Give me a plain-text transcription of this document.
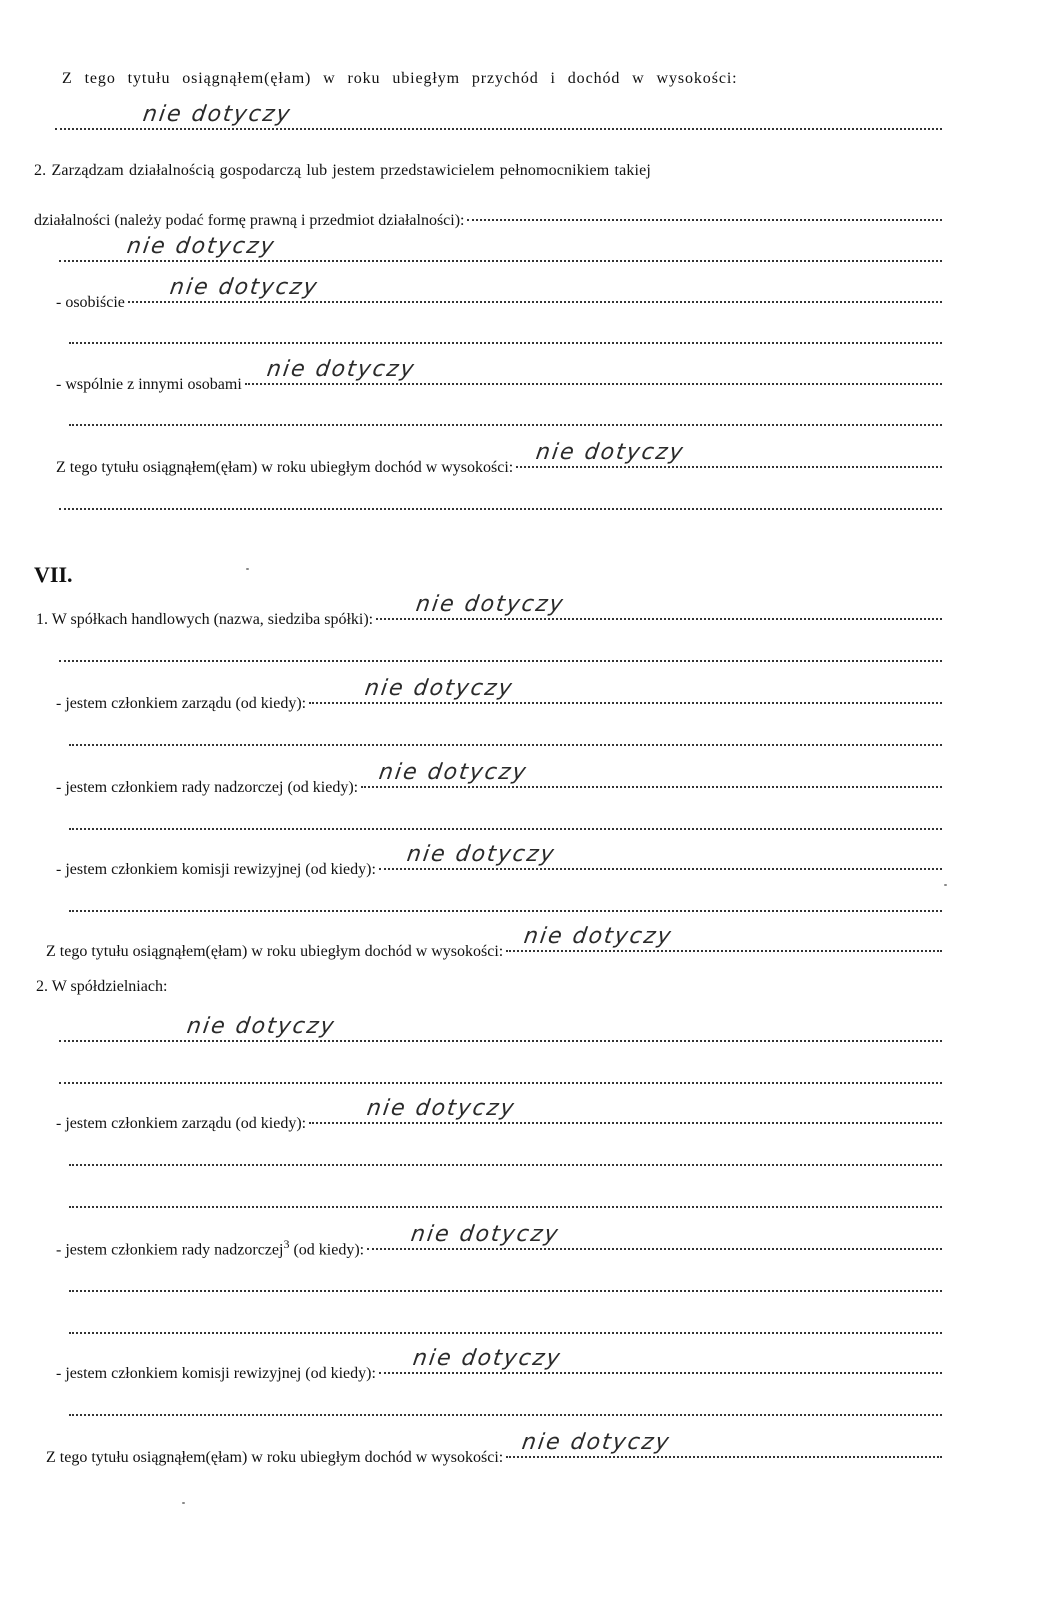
Z tego tytułu osiągnąłem(ęłam) w roku ubiegłym przychód i dochód w wysokości:
nie dotyczy
2. Zarządzam działalnością gospodarczą lub jestem przedstawicielem pełnomocnikiem takiej
działalności (należy podać formę prawną i przedmiot działalności):
nie dotyczy
- osobiście
nie dotyczy
- wspólnie z innymi osobami
nie dotyczy
Z tego tytułu osiągnąłem(ęłam) w roku ubiegłym dochód w wysokości:
nie dotyczy
VII.
1. W spółkach handlowych (nazwa, siedziba spółki):
nie dotyczy
- jestem członkiem zarządu (od kiedy):
nie dotyczy
- jestem członkiem rady nadzorczej (od kiedy):
nie dotyczy
- jestem członkiem komisji rewizyjnej (od kiedy):
nie dotyczy
Z tego tytułu osiągnąłem(ęłam) w roku ubiegłym dochód w wysokości:
nie dotyczy
2. W spółdzielniach:
nie dotyczy
- jestem członkiem zarządu (od kiedy):
nie dotyczy
- jestem członkiem rady nadzorczej$^3$ (od kiedy):
nie dotyczy
- jestem członkiem komisji rewizyjnej (od kiedy):
nie dotyczy
Z tego tytułu osiągnąłem(ęłam) w roku ubiegłym dochód w wysokości:
nie dotyczy
